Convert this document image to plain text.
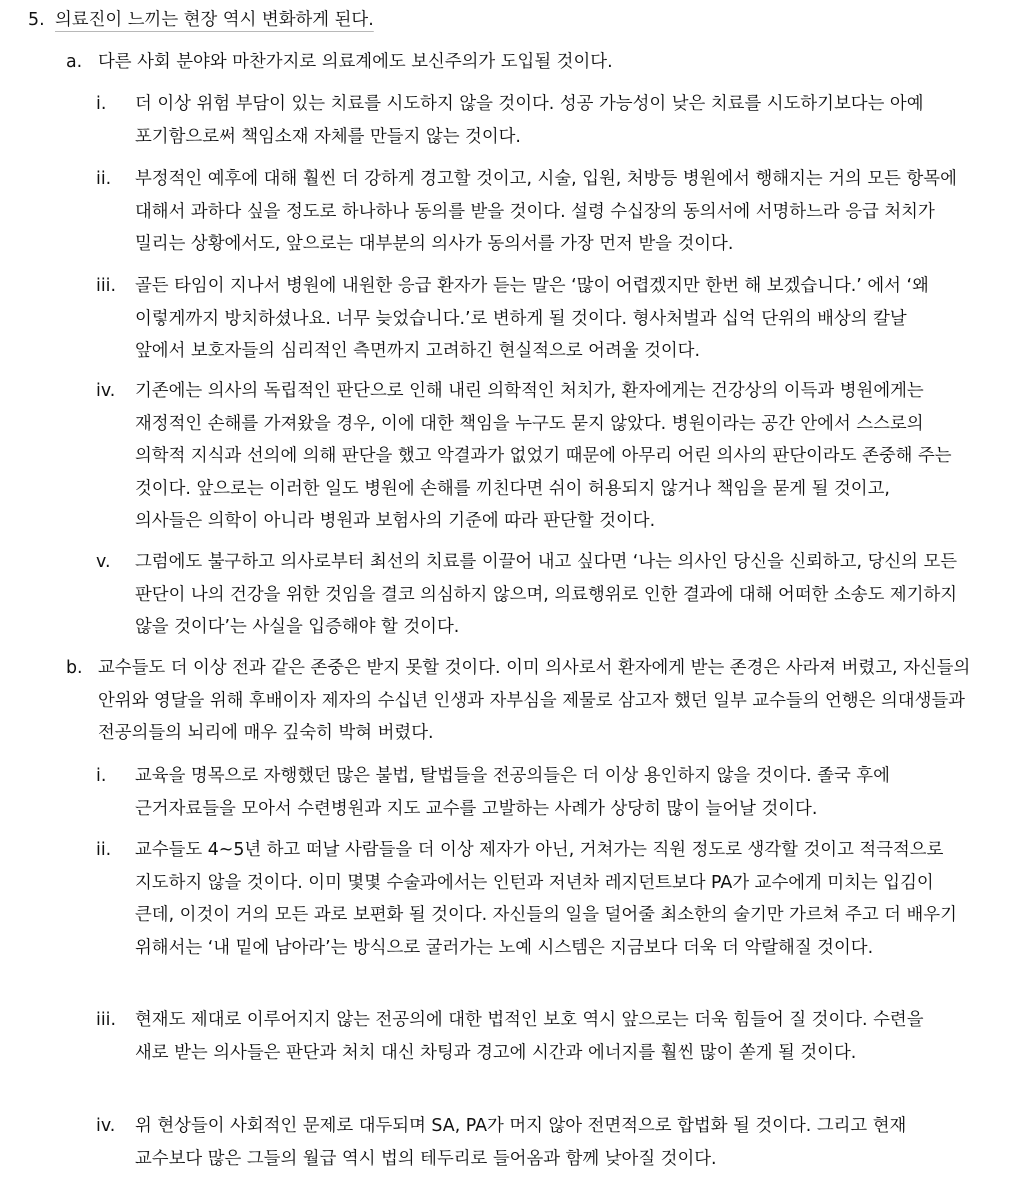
5. 의료진이 느끼는 현장 역시 변화하게 된다.
a. 다른 사회 분야와 마찬가지로 의료계에도 보신주의가 도입될 것이다.
i.	더 이상 위험 부담이 있는 치료를 시도하지 않을 것이다. 성공 가능성이 낮은 치료를 시도하기보다는 아예 포기함으로써 책임소재 자체를 만들지 않는 것이다.
ii.	부정적인 예후에 대해 훨씬 더 강하게 경고할 것이고, 시술, 입원, 처방등 병원에서 행해지는 거의 모든 항목에 대해서 과하다 싶을 정도로 하나하나 동의를 받을 것이다. 설령 수십장의 동의서에 서명하느라 응급 처치가 밀리는 상황에서도, 앞으로는 대부분의 의사가 동의서를 가장 먼저 받을 것이다.
iii.	골든 타임이 지나서 병원에 내원한 응급 환자가 듣는 말은 ‘많이 어렵겠지만 한번 해 보겠습니다.’ 에서 ‘왜 이렇게까지 방치하셨나요. 너무 늦었습니다.’로 변하게 될 것이다. 형사처벌과 십억 단위의 배상의 칼날 앞에서 보호자들의 심리적인 측면까지 고려하긴 현실적으로 어려울 것이다.
iv.	기존에는 의사의 독립적인 판단으로 인해 내린 의학적인 처치가, 환자에게는 건강상의 이득과 병원에게는 재정적인 손해를 가져왔을 경우, 이에 대한 책임을 누구도 묻지 않았다. 병원이라는 공간 안에서 스스로의 의학적 지식과 선의에 의해 판단을 했고 악결과가 없었기 때문에 아무리 어린 의사의 판단이라도 존중해 주는 것이다. 앞으로는 이러한 일도 병원에 손해를 끼친다면 쉬이 허용되지 않거나 책임을 묻게 될 것이고, 의사들은 의학이 아니라 병원과 보험사의 기준에 따라 판단할 것이다.
v.	그럼에도 불구하고 의사로부터 최선의 치료를 이끌어 내고 싶다면 ‘나는 의사인 당신을 신뢰하고, 당신의 모든 판단이 나의 건강을 위한 것임을 결코 의심하지 않으며, 의료행위로 인한 결과에 대해 어떠한 소송도 제기하지 않을 것이다’는 사실을 입증해야 할 것이다.
b. 교수들도 더 이상 전과 같은 존중은 받지 못할 것이다. 이미 의사로서 환자에게 받는 존경은 사라져 버렸고, 자신들의 안위와 영달을 위해 후배이자 제자의 수십년 인생과 자부심을 제물로 삼고자 했던 일부 교수들의 언행은 의대생들과 전공의들의 뇌리에 매우 깊숙히 박혀 버렸다.
i.	교육을 명목으로 자행했던 많은 불법, 탈법들을 전공의들은 더 이상 용인하지 않을 것이다. 졸국 후에 근거자료들을 모아서 수련병원과 지도 교수를 고발하는 사례가 상당히 많이 늘어날 것이다.
ii.	교수들도 4~5년 하고 떠날 사람들을 더 이상 제자가 아닌, 거쳐가는 직원 정도로 생각할 것이고 적극적으로 지도하지 않을 것이다. 이미 몇몇 수술과에서는 인턴과 저년차 레지던트보다 PA가 교수에게 미치는 입김이 큰데, 이것이 거의 모든 과로 보편화 될 것이다. 자신들의 일을 덜어줄 최소한의 술기만 가르쳐 주고 더 배우기 위해서는 ‘내 밑에 남아라’는 방식으로 굴러가는 노예 시스템은 지금보다 더욱 더 악랄해질 것이다.
iii.	현재도 제대로 이루어지지 않는 전공의에 대한 법적인 보호 역시 앞으로는 더욱 힘들어 질 것이다. 수련을 새로 받는 의사들은 판단과 처치 대신 차팅과 경고에 시간과 에너지를 훨씬 많이 쏟게 될 것이다.
iv.	위 현상들이 사회적인 문제로 대두되며 SA, PA가 머지 않아 전면적으로 합법화 될 것이다. 그리고 현재 교수보다 많은 그들의 월급 역시 법의 테두리로 들어옴과 함께 낮아질 것이다.
